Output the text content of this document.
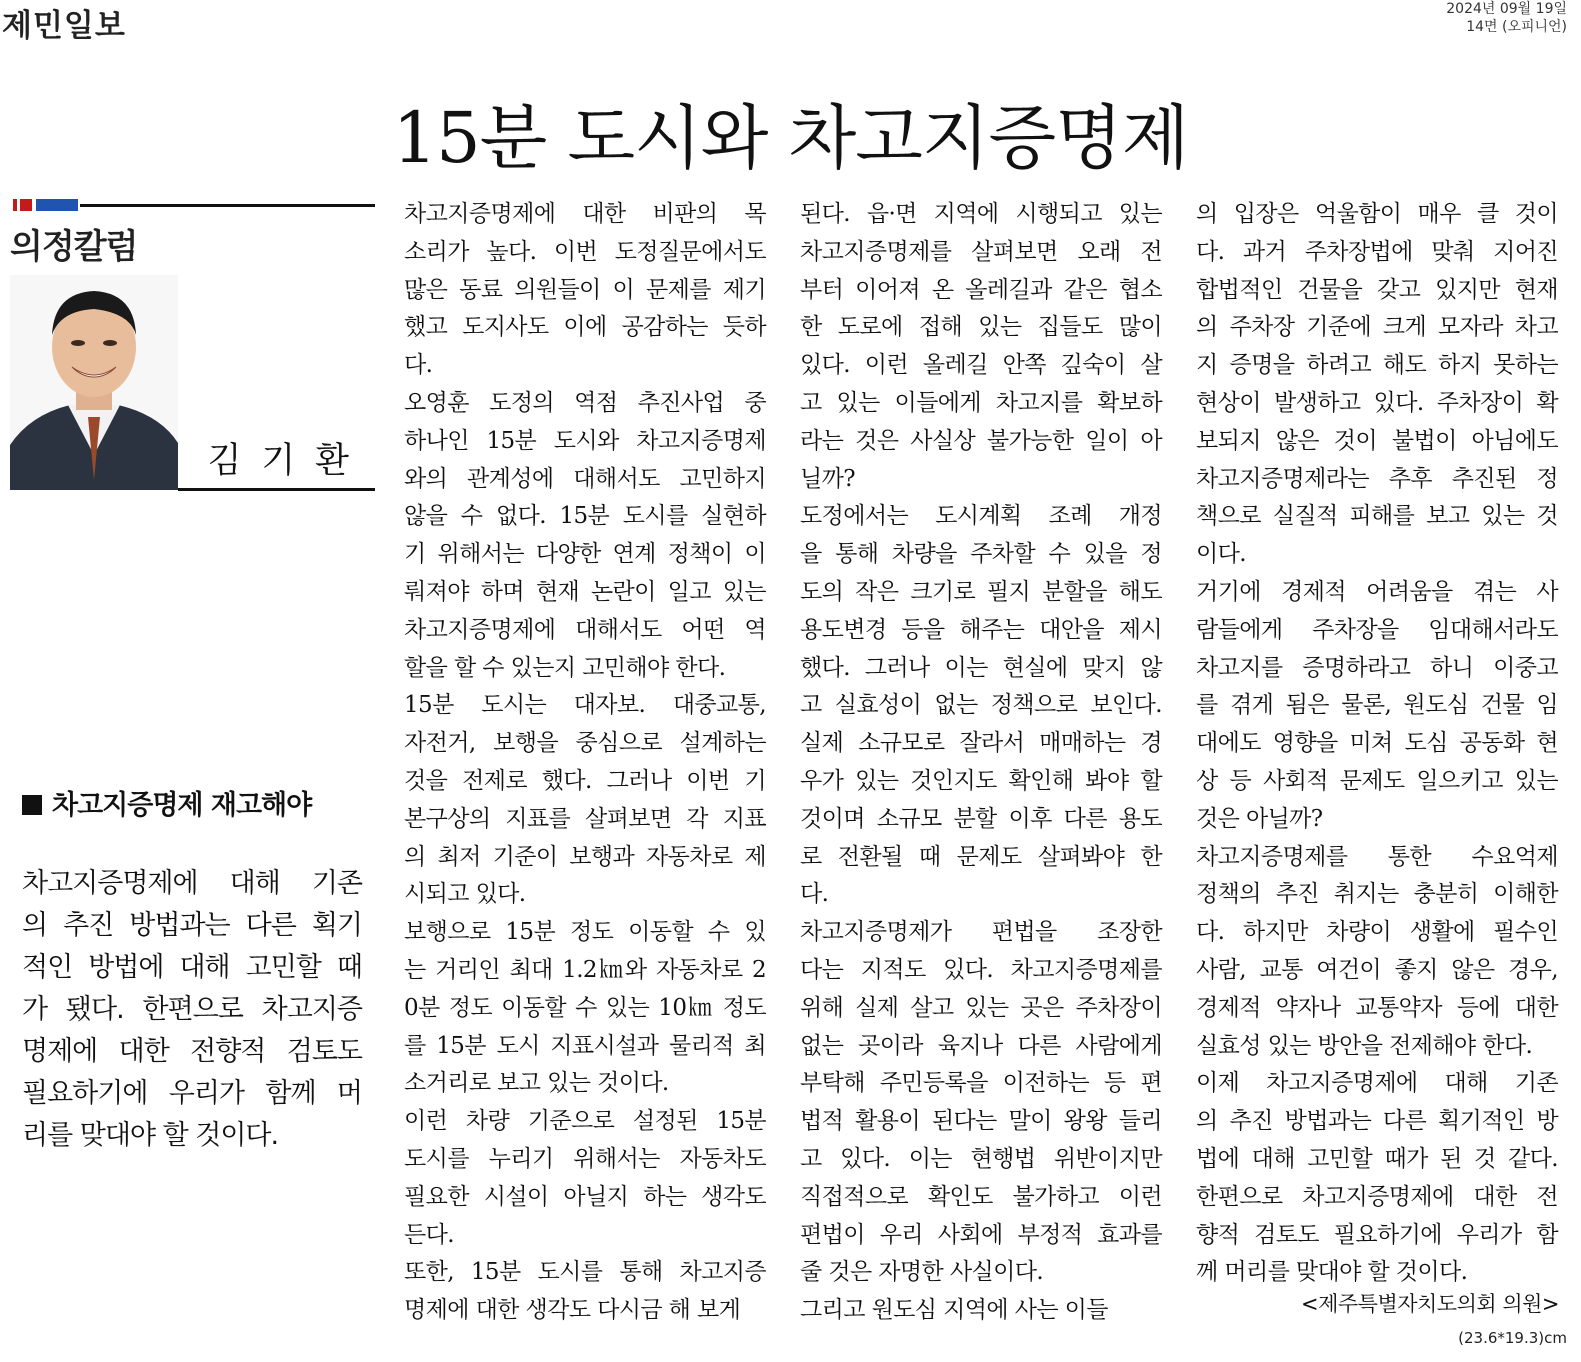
제민일보	2024년 09월 19일
14면 (오피니언)
15분 도시와 차고지증명제
의정칼럼
김기환
차고지증명제 재고해야
차고지증명제에 대해 기존
의 추진 방법과는 다른 획기
적인 방법에 대해 고민할 때
가 됐다. 한편으로 차고지증
명제에 대한 전향적 검토도
필요하기에 우리가 함께 머
리를 맞대야 할 것이다.
차고지증명제에 대한 비판의 목
소리가 높다. 이번 도정질문에서도
많은 동료 의원들이 이 문제를 제기
했고 도지사도 이에 공감하는 듯하
다.
오영훈 도정의 역점 추진사업 중
하나인 15분 도시와 차고지증명제
와의 관계성에 대해서도 고민하지
않을 수 없다. 15분 도시를 실현하
기 위해서는 다양한 연계 정책이 이
뤄져야 하며 현재 논란이 일고 있는
차고지증명제에 대해서도 어떤 역
할을 할 수 있는지 고민해야 한다.
15분 도시는 대자보. 대중교통,
자전거, 보행을 중심으로 설계하는
것을 전제로 했다. 그러나 이번 기
본구상의 지표를 살펴보면 각 지표
의 최저 기준이 보행과 자동차로 제
시되고 있다.
보행으로 15분 정도 이동할 수 있
는 거리인 최대 1.2㎞와 자동차로 2
0분 정도 이동할 수 있는 10㎞ 정도
를 15분 도시 지표시설과 물리적 최
소거리로 보고 있는 것이다.
이런 차량 기준으로 설정된 15분
도시를 누리기 위해서는 자동차도
필요한 시설이 아닐지 하는 생각도
든다.
또한, 15분 도시를 통해 차고지증
명제에 대한 생각도 다시금 해 보게
된다. 읍·면 지역에 시행되고 있는
차고지증명제를 살펴보면 오래 전
부터 이어져 온 올레길과 같은 협소
한 도로에 접해 있는 집들도 많이
있다. 이런 올레길 안쪽 깊숙이 살
고 있는 이들에게 차고지를 확보하
라는 것은 사실상 불가능한 일이 아
닐까?
도정에서는 도시계획 조례 개정
을 통해 차량을 주차할 수 있을 정
도의 작은 크기로 필지 분할을 해도
용도변경 등을 해주는 대안을 제시
했다. 그러나 이는 현실에 맞지 않
고 실효성이 없는 정책으로 보인다.
실제 소규모로 잘라서 매매하는 경
우가 있는 것인지도 확인해 봐야 할
것이며 소규모 분할 이후 다른 용도
로 전환될 때 문제도 살펴봐야 한
다.
차고지증명제가 편법을 조장한
다는 지적도 있다. 차고지증명제를
위해 실제 살고 있는 곳은 주차장이
없는 곳이라 육지나 다른 사람에게
부탁해 주민등록을 이전하는 등 편
법적 활용이 된다는 말이 왕왕 들리
고 있다. 이는 현행법 위반이지만
직접적으로 확인도 불가하고 이런
편법이 우리 사회에 부정적 효과를
줄 것은 자명한 사실이다.
그리고 원도심 지역에 사는 이들
의 입장은 억울함이 매우 클 것이
다. 과거 주차장법에 맞춰 지어진
합법적인 건물을 갖고 있지만 현재
의 주차장 기준에 크게 모자라 차고
지 증명을 하려고 해도 하지 못하는
현상이 발생하고 있다. 주차장이 확
보되지 않은 것이 불법이 아님에도
차고지증명제라는 추후 추진된 정
책으로 실질적 피해를 보고 있는 것
이다.
거기에 경제적 어려움을 겪는 사
람들에게 주차장을 임대해서라도
차고지를 증명하라고 하니 이중고
를 겪게 됨은 물론, 원도심 건물 임
대에도 영향을 미쳐 도심 공동화 현
상 등 사회적 문제도 일으키고 있는
것은 아닐까?
차고지증명제를 통한 수요억제
정책의 추진 취지는 충분히 이해한
다. 하지만 차량이 생활에 필수인
사람, 교통 여건이 좋지 않은 경우,
경제적 약자나 교통약자 등에 대한
실효성 있는 방안을 전제해야 한다.
이제 차고지증명제에 대해 기존
의 추진 방법과는 다른 획기적인 방
법에 대해 고민할 때가 된 것 같다.
한편으로 차고지증명제에 대한 전
향적 검토도 필요하기에 우리가 함
께 머리를 맞대야 할 것이다.
<제주특별자치도의회 의원>
(23.6*19.3)cm
